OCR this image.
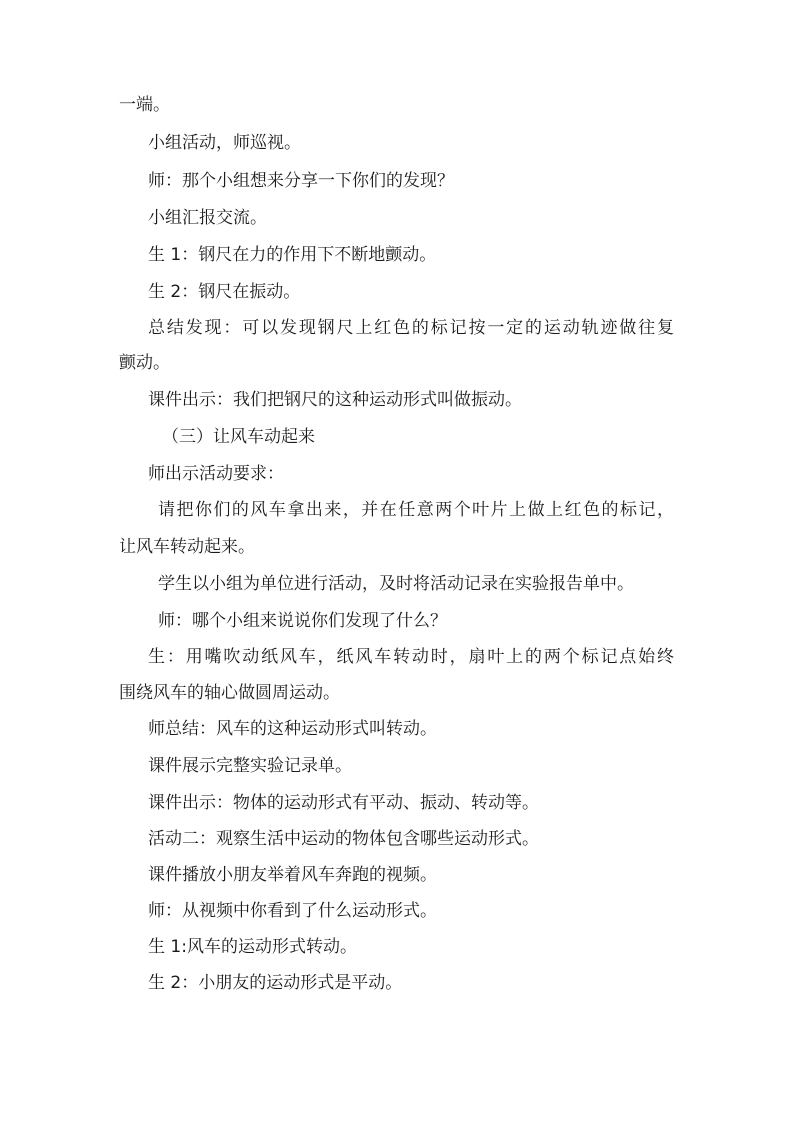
一端。
小组活动，师巡视。
师：那个小组想来分享一下你们的发现？
小组汇报交流。
生 1：钢尺在力的作用下不断地颤动。
生 2：钢尺在振动。
总结发现：可以发现钢尺上红色的标记按一定的运动轨迹做往复
颤动。
课件出示：我们把钢尺的这种运动形式叫做振动。
（三）让风车动起来
师出示活动要求：
请把你们的风车拿出来，并在任意两个叶片上做上红色的标记，
让风车转动起来。
学生以小组为单位进行活动，及时将活动记录在实验报告单中。
师：哪个小组来说说你们发现了什么？
生：用嘴吹动纸风车，纸风车转动时，扇叶上的两个标记点始终
围绕风车的轴心做圆周运动。
师总结：风车的这种运动形式叫转动。
课件展示完整实验记录单。
课件出示：物体的运动形式有平动、振动、转动等。
活动二：观察生活中运动的物体包含哪些运动形式。
课件播放小朋友举着风车奔跑的视频。
师：从视频中你看到了什么运动形式。
生 1:风车的运动形式转动。
生 2：小朋友的运动形式是平动。
